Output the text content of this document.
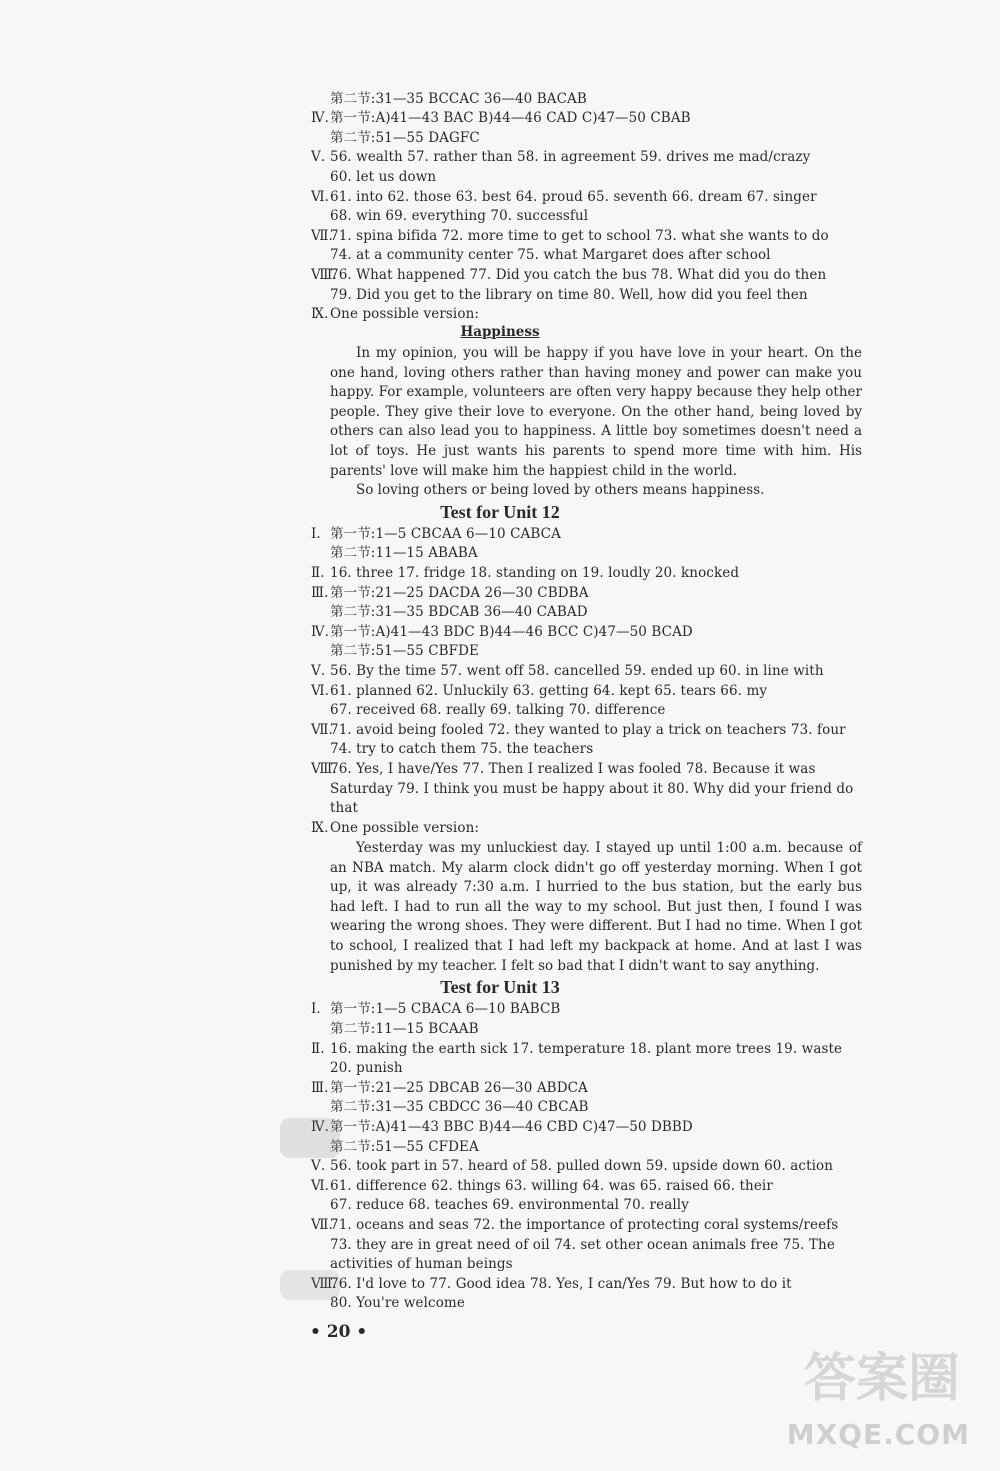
第二节:31—35 BCCAC 36—40 BACAB
第一节:A)41—43 BAC B)44—46 CAD C)47—50 CBAB
Ⅳ.
第二节:51—55 DAGFC
56. wealth 57. rather than 58. in agreement 59. drives me mad/crazy
Ⅴ.
60. let us down
61. into 62. those 63. best 64. proud 65. seventh 66. dream 67. singer
Ⅵ.
68. win 69. everything 70. successful
71. spina bifida 72. more time to get to school 73. what she wants to do
Ⅶ.
74. at a community center 75. what Margaret does after school
76. What happened 77. Did you catch the bus 78. What did you do then
Ⅷ.
79. Did you get to the library on time 80. Well, how did you feel then
One possible version:
Ⅸ.
Happiness
In my opinion, you will be happy if you have love in your heart. On the one hand, loving others rather than having money and power can make you happy. For example, volunteers are often very happy because they help other people. They give their love to everyone. On the other hand, being loved by others can also lead you to happiness. A little boy sometimes doesn't need a lot of toys. He just wants his parents to spend more time with him. His parents' love will make him the happiest child in the world.
So loving others or being loved by others means happiness.
Test for Unit 12
第一节:1—5 CBCAA 6—10 CABCA
Ⅰ.
第二节:11—15 ABABA
16. three 17. fridge 18. standing on 19. loudly 20. knocked
Ⅱ.
第一节:21—25 DACDA 26—30 CBDBA
Ⅲ.
第二节:31—35 BDCAB 36—40 CABAD
第一节:A)41—43 BDC B)44—46 BCC C)47—50 BCAD
Ⅳ.
第二节:51—55 CBFDE
56. By the time 57. went off 58. cancelled 59. ended up 60. in line with
Ⅴ.
61. planned 62. Unluckily 63. getting 64. kept 65. tears 66. my
Ⅵ.
67. received 68. really 69. talking 70. difference
71. avoid being fooled 72. they wanted to play a trick on teachers 73. four
Ⅶ.
74. try to catch them 75. the teachers
76. Yes, I have/Yes 77. Then I realized I was fooled 78. Because it was
Ⅷ.
Saturday 79. I think you must be happy about it 80. Why did your friend do
that
One possible version:
Ⅸ.
Yesterday was my unluckiest day. I stayed up until 1:00 a.m. because of an NBA match. My alarm clock didn't go off yesterday morning. When I got up, it was already 7:30 a.m. I hurried to the bus station, but the early bus had left. I had to run all the way to my school. But just then, I found I was wearing the wrong shoes. They were different. But I had no time. When I got to school, I realized that I had left my backpack at home. And at last I was punished by my teacher. I felt so bad that I didn't want to say anything.
Test for Unit 13
第一节:1—5 CBACA 6—10 BABCB
Ⅰ.
第二节:11—15 BCAAB
16. making the earth sick 17. temperature 18. plant more trees 19. waste
Ⅱ.
20. punish
第一节:21—25 DBCAB 26—30 ABDCA
Ⅲ.
第二节:31—35 CBDCC 36—40 CBCAB
第一节:A)41—43 BBC B)44—46 CBD C)47—50 DBBD
Ⅳ.
第二节:51—55 CFDEA
56. took part in 57. heard of 58. pulled down 59. upside down 60. action
Ⅴ.
61. difference 62. things 63. willing 64. was 65. raised 66. their
Ⅵ.
67. reduce 68. teaches 69. environmental 70. really
71. oceans and seas 72. the importance of protecting coral systems/reefs
Ⅶ.
73. they are in great need of oil 74. set other ocean animals free 75. The
activities of human beings
76. I'd love to 77. Good idea 78. Yes, I can/Yes 79. But how to do it
Ⅷ.
80. You're welcome
• 20 •
答案圈
MXQE.COM
